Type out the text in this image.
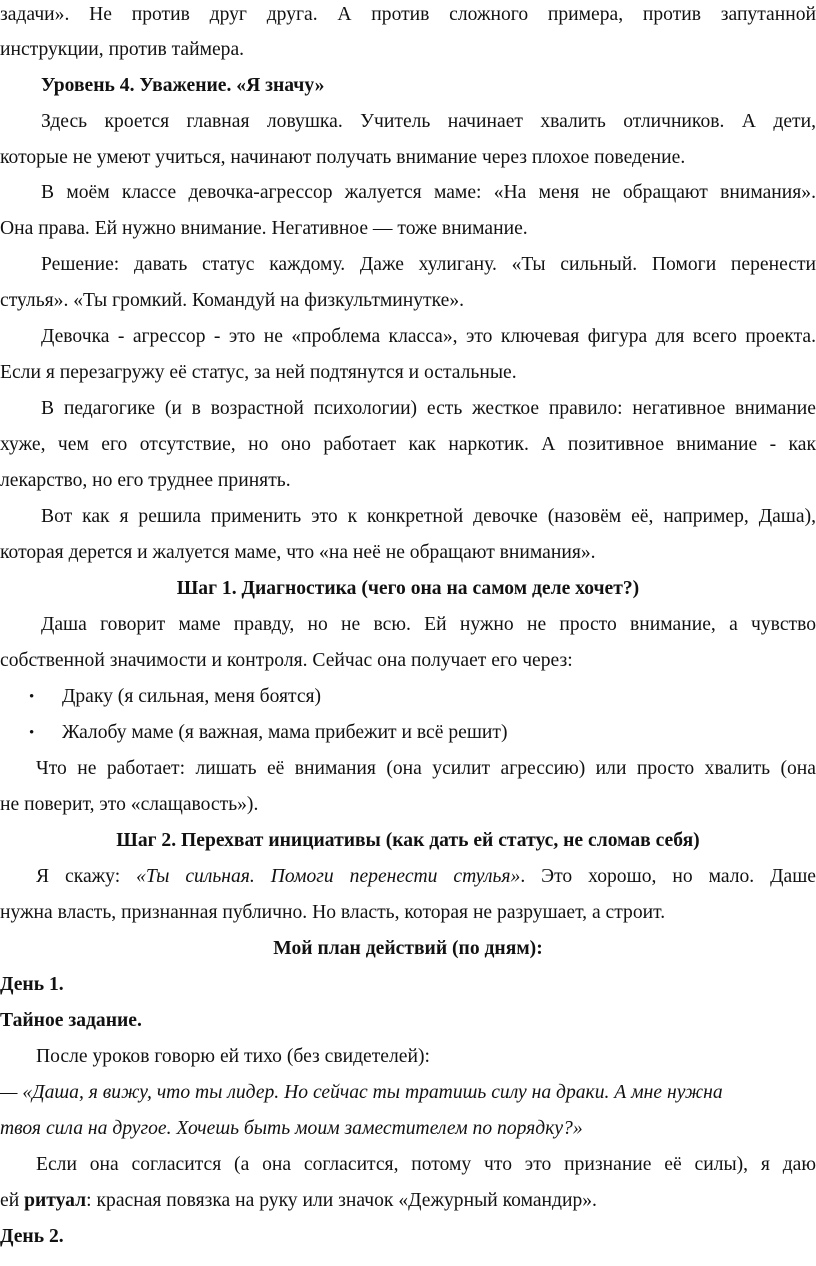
задачи». Не против друг друга. А против сложного примера, против запутанной
инструкции, против таймера.
Уровень 4. Уважение. «Я значу»
Здесь кроется главная ловушка. Учитель начинает хвалить отличников. А дети,
которые не умеют учиться, начинают получать внимание через плохое поведение.
В моём классе девочка-агрессор жалуется маме: «На меня не обращают внимания».
Она права. Ей нужно внимание. Негативное — тоже внимание.
Решение: давать статус каждому. Даже хулигану. «Ты сильный. Помоги перенести
стулья». «Ты громкий. Командуй на физкультминутке».
Девочка - агрессор - это не «проблема класса», это ключевая фигура для всего проекта.
Если я перезагружу её статус, за ней подтянутся и остальные.
В педагогике (и в возрастной психологии) есть жесткое правило: негативное внимание
хуже, чем его отсутствие, но оно работает как наркотик. А позитивное внимание - как
лекарство, но его труднее принять.
Вот как я решила применить это к конкретной девочке (назовём её, например, Даша),
которая дерется и жалуется маме, что «на неё не обращают внимания».
Шаг 1. Диагностика (чего она на самом деле хочет?)
Даша говорит маме правду, но не всю. Ей нужно не просто внимание, а чувство
собственной значимости и контроля. Сейчас она получает его через:
•	Драку (я сильная, меня боятся)
•	Жалобу маме (я важная, мама прибежит и всё решит)
Что не работает: лишать её внимания (она усилит агрессию) или просто хвалить (она
не поверит, это «слащавость»).
Шаг 2. Перехват инициативы (как дать ей статус, не сломав себя)
Я скажу: «Ты сильная. Помоги перенести стулья». Это хорошо, но мало. Даше
нужна власть, признанная публично. Но власть, которая не разрушает, а строит.
Мой план действий (по дням):
День 1.
Тайное задание.
После уроков говорю ей тихо (без свидетелей):
— «Даша, я вижу, что ты лидер. Но сейчас ты тратишь силу на драки. А мне нужна
твоя сила на другое. Хочешь быть моим заместителем по порядку?»
Если она согласится (а она согласится, потому что это признание её силы), я даю
ей ритуал: красная повязка на руку или значок «Дежурный командир».
День 2.
